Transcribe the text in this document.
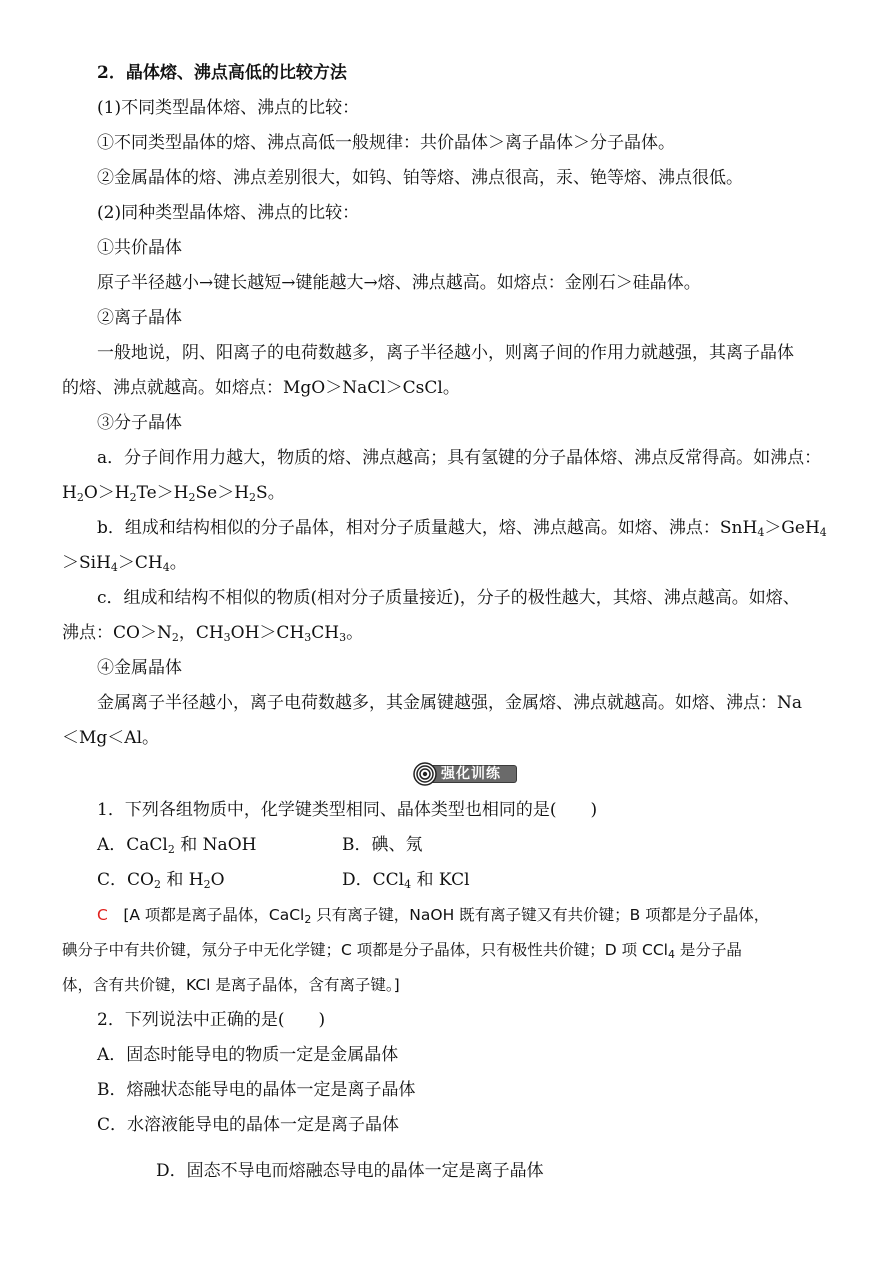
2．晶体熔、沸点高低的比较方法
(1)不同类型晶体熔、沸点的比较：
①不同类型晶体的熔、沸点高低一般规律：共价晶体＞离子晶体＞分子晶体。
②金属晶体的熔、沸点差别很大，如钨、铂等熔、沸点很高，汞、铯等熔、沸点很低。
(2)同种类型晶体熔、沸点的比较：
①共价晶体
原子半径越小→键长越短→键能越大→熔、沸点越高。如熔点：金刚石＞硅晶体。
②离子晶体
一般地说，阴、阳离子的电荷数越多，离子半径越小，则离子间的作用力就越强，其离子晶体
的熔、沸点就越高。如熔点：MgO＞NaCl＞CsCl。
③分子晶体
a．分子间作用力越大，物质的熔、沸点越高；具有氢键的分子晶体熔、沸点反常得高。如沸点：
$H_2O>H_2Te>H_2Se>H_2S$。
b．组成和结构相似的分子晶体，相对分子质量越大，熔、沸点越高。如熔、沸点：SnH$_4$＞GeH$_4$
$>SiH_4>CH_4$。
c．组成和结构不相似的物质(相对分子质量接近)，分子的极性越大，其熔、沸点越高。如熔、
沸点：$CO>N_2$，$CH_3OH>CH_3CH_3$。
④金属晶体
金属离子半径越小，离子电荷数越多，其金属键越强，金属熔、沸点就越高。如熔、沸点：Na
＜Mg＜Al。
强化训练
1．下列各组物质中，化学键类型相同、晶体类型也相同的是(　　)
A．CaCl$_2$ 和 NaOH	B．碘、氖
C．$CO_2$ 和 $H_2O$	D．CCl$_4$ 和 KCl
C　[A 项都是离子晶体，CaCl$_2$ 只有离子键，NaOH 既有离子键又有共价键；B 项都是分子晶体，
碘分子中有共价键，氖分子中无化学键；C 项都是分子晶体，只有极性共价键；D 项 CCl$_4$ 是分子晶
体，含有共价键，KCl 是离子晶体，含有离子键。]
2．下列说法中正确的是(　　)
A．固态时能导电的物质一定是金属晶体
B．熔融状态能导电的晶体一定是离子晶体
C．水溶液能导电的晶体一定是离子晶体
D．固态不导电而熔融态导电的晶体一定是离子晶体
